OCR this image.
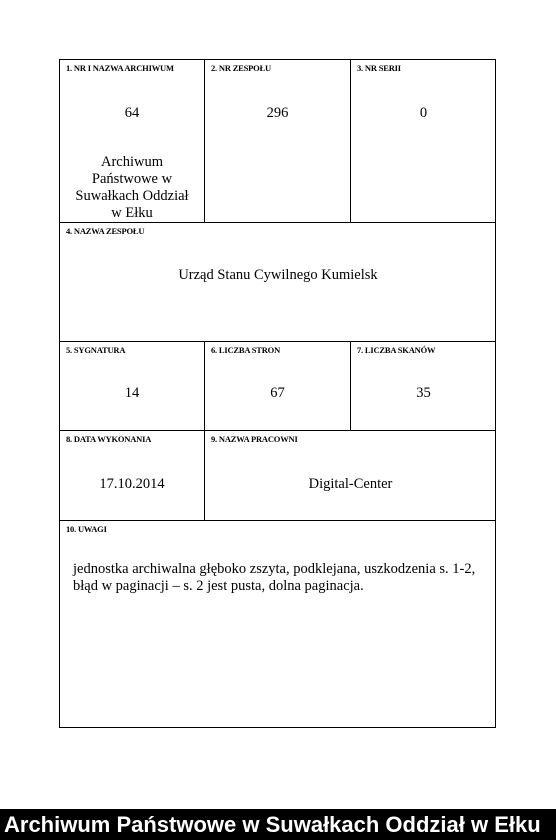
1. NR I NAZWA ARCHIWUM
64
Archiwum
Państwowe w
Suwałkach Oddział
w Ełku
2. NR ZESPOŁU
296
3. NR SERII
0
4. NAZWA ZESPOŁU
Urząd Stanu Cywilnego Kumielsk
5. SYGNATURA
14
6. LICZBA STRON
67
7. LICZBA SKANÓW
35
8. DATA WYKONANIA
17.10.2014
9. NAZWA PRACOWNI
Digital-Center
10. UWAGI
jednostka archiwalna głęboko zszyta, podklejana, uszkodzenia s. 1-2,
błąd w paginacji – s. 2 jest pusta, dolna paginacja.
Archiwum Państwowe w Suwałkach Oddział w Ełku
